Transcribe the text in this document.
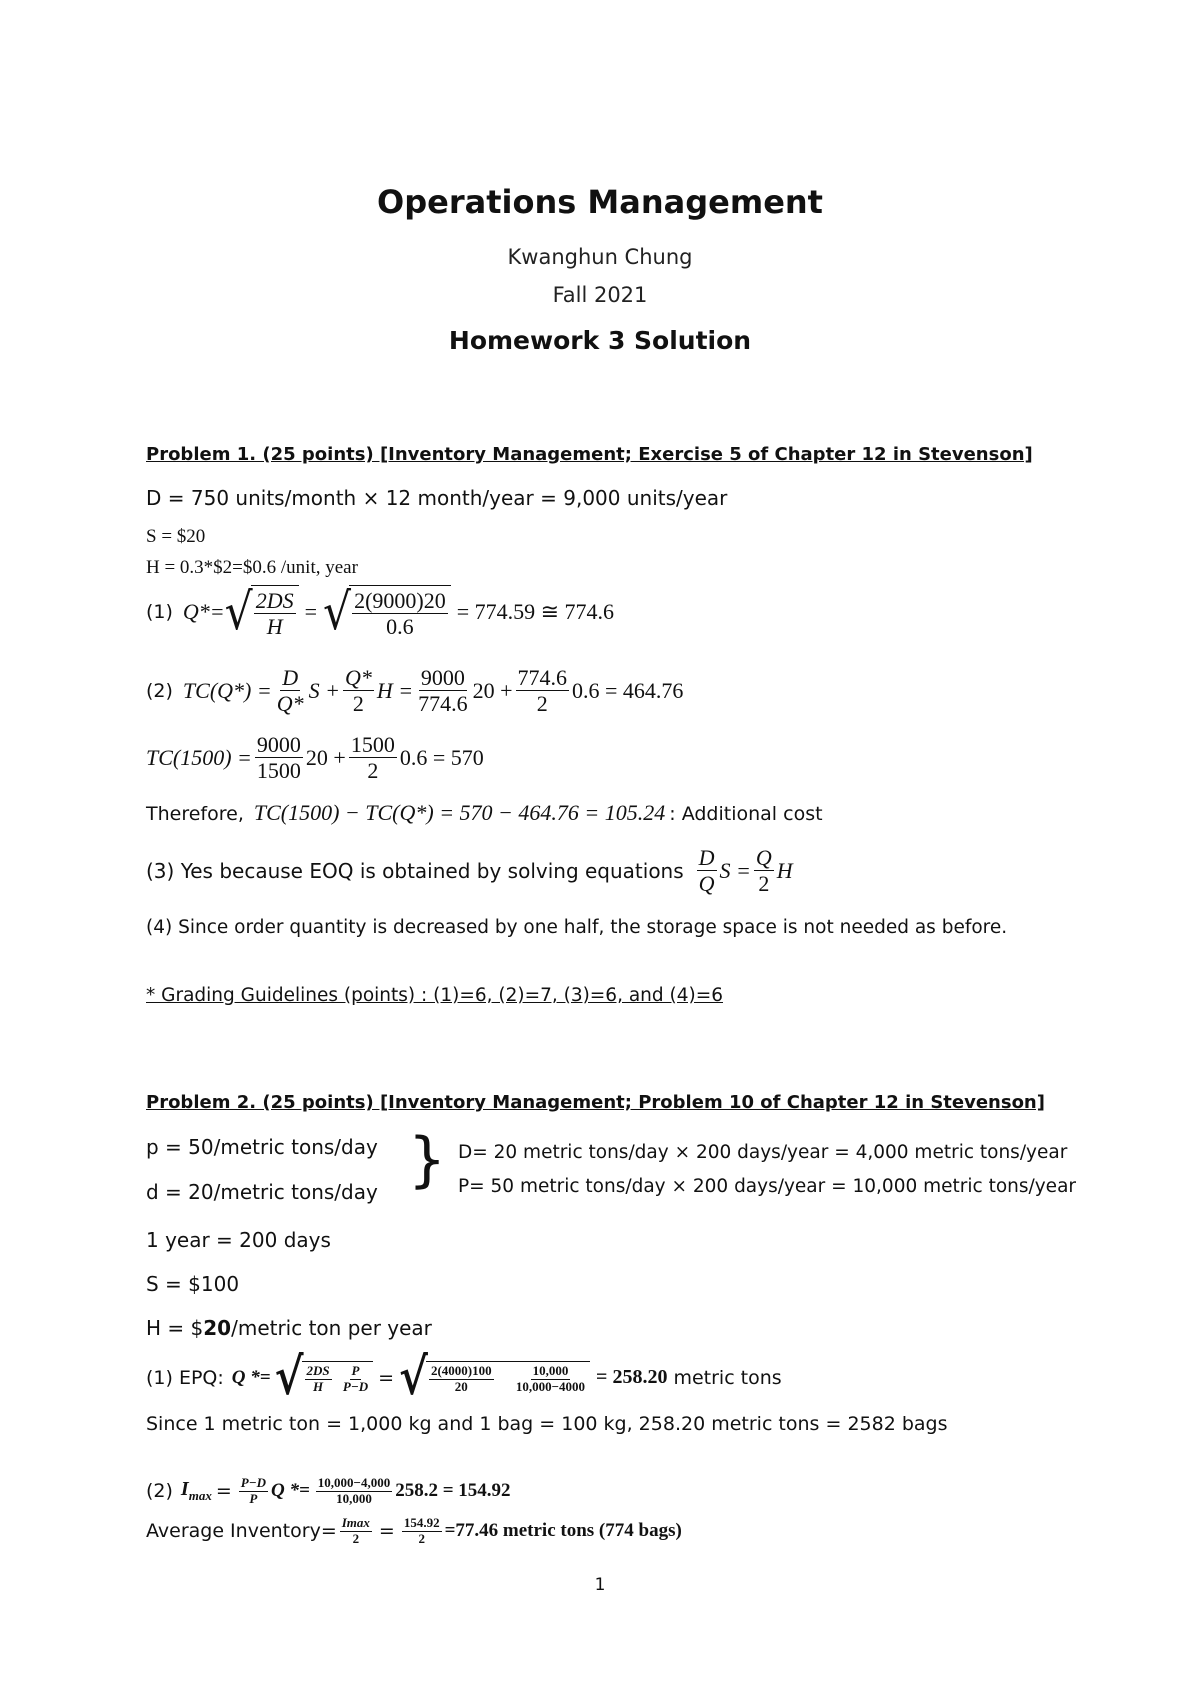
Operations Management
Kwanghun Chung
Fall 2021
Homework 3 Solution
Problem 1. (25 points) [Inventory Management; Exercise 5 of Chapter 12 in Stevenson]
D = 750 units/month × 12 month/year = 9,000 units/year
S = $20
H = 0.3*$2=$0.6 /unit, year
(1) Q*= √ $\frac{2DS}{H}$ = √ $\frac{2(9000)20}{0.6} = 774.59$ ≅ 774.6
(2) $TC(Q*) = \frac{D}{Q*}$ $S + \frac{Q*}{2}$ $H = \frac{9000}{774.6} 20 + \frac{774.6}{2} 0.6 = 464.76$
$TC(1500) = \frac{9000}{1500} 20 + \frac{1500}{2} 0.6 = 570$
Therefore, TC(1500) − TC(Q*) = 570 − 464.76 = 105.24 : Additional cost
(3) Yes because EOQ is obtained by solving equations $\frac{D}{Q}$ $S = \frac{Q}{2}$ H
(4) Since order quantity is decreased by one half, the storage space is not needed as before.
* Grading Guidelines (points) : (1)=6, (2)=7, (3)=6, and (4)=6
Problem 2. (25 points) [Inventory Management; Problem 10 of Chapter 12 in Stevenson]
p = 50/metric tons/day
d = 20/metric tons/day } D= 20 metric tons/day × 200 days/year = 4,000 metric tons/year
P= 50 metric tons/day × 200 days/year = 10,000 metric tons/year
1 year = 200 days
S = $100
H = $20/metric ton per year
(1) EPQ: Q *= √ $\frac{2DS}{H}$
$\frac{P}{P-D}$ = √ $\frac{2(4000)100}{20}$
$\frac{10,000}{10,000-4000} = 258.20$ metric tons
Since 1 metric ton = 1,000 kg and 1 bag = 100 kg, 258.20 metric tons = 2582 bags
(2) $I_{max} = \frac{P-D}{P}$ $Q *= \frac{10,000-4,000}{10,000} 258.2 = 154.92$
Average Inventory= $\frac{Imax}{2} = \frac{154.92}{2} =77.46$ metric tons (774 bags)
1
